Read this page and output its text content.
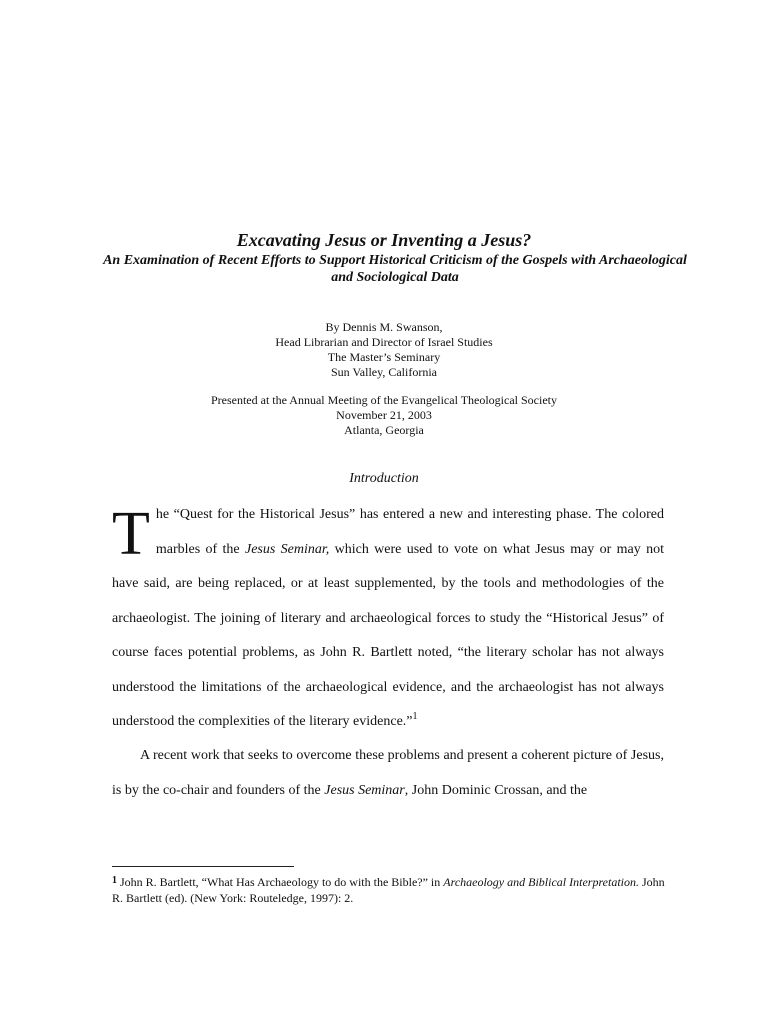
Excavating Jesus or Inventing a Jesus?
An Examination of Recent Efforts to Support Historical Criticism of the Gospels with Archaeological and Sociological Data
By Dennis M. Swanson,
Head Librarian and Director of Israel Studies
The Master’s Seminary
Sun Valley, California
Presented at the Annual Meeting of the Evangelical Theological Society
November 21, 2003
Atlanta, Georgia
Introduction

The “Quest for the Historical Jesus” has entered a new and interesting phase. The colored marbles of the Jesus Seminar, which were used to vote on what Jesus may or may not have said, are being replaced, or at least supplemented, by the tools and methodologies of the archaeologist. The joining of literary and archaeological forces to study the “Historical Jesus” of course faces potential problems, as John R. Bartlett noted, “the literary scholar has not always understood the limitations of the archaeological evidence, and the archaeologist has not always understood the complexities of the literary evidence.”$^1$

A recent work that seeks to overcome these problems and present a coherent picture of Jesus, is by the co-chair and founders of the Jesus Seminar, John Dominic Crossan, and the

$^1$ John R. Bartlett, “What Has Archaeology to do with the Bible?” in Archaeology and Biblical Interpretation. John R. Bartlett (ed). (New York: Routeledge, 1997): 2.
